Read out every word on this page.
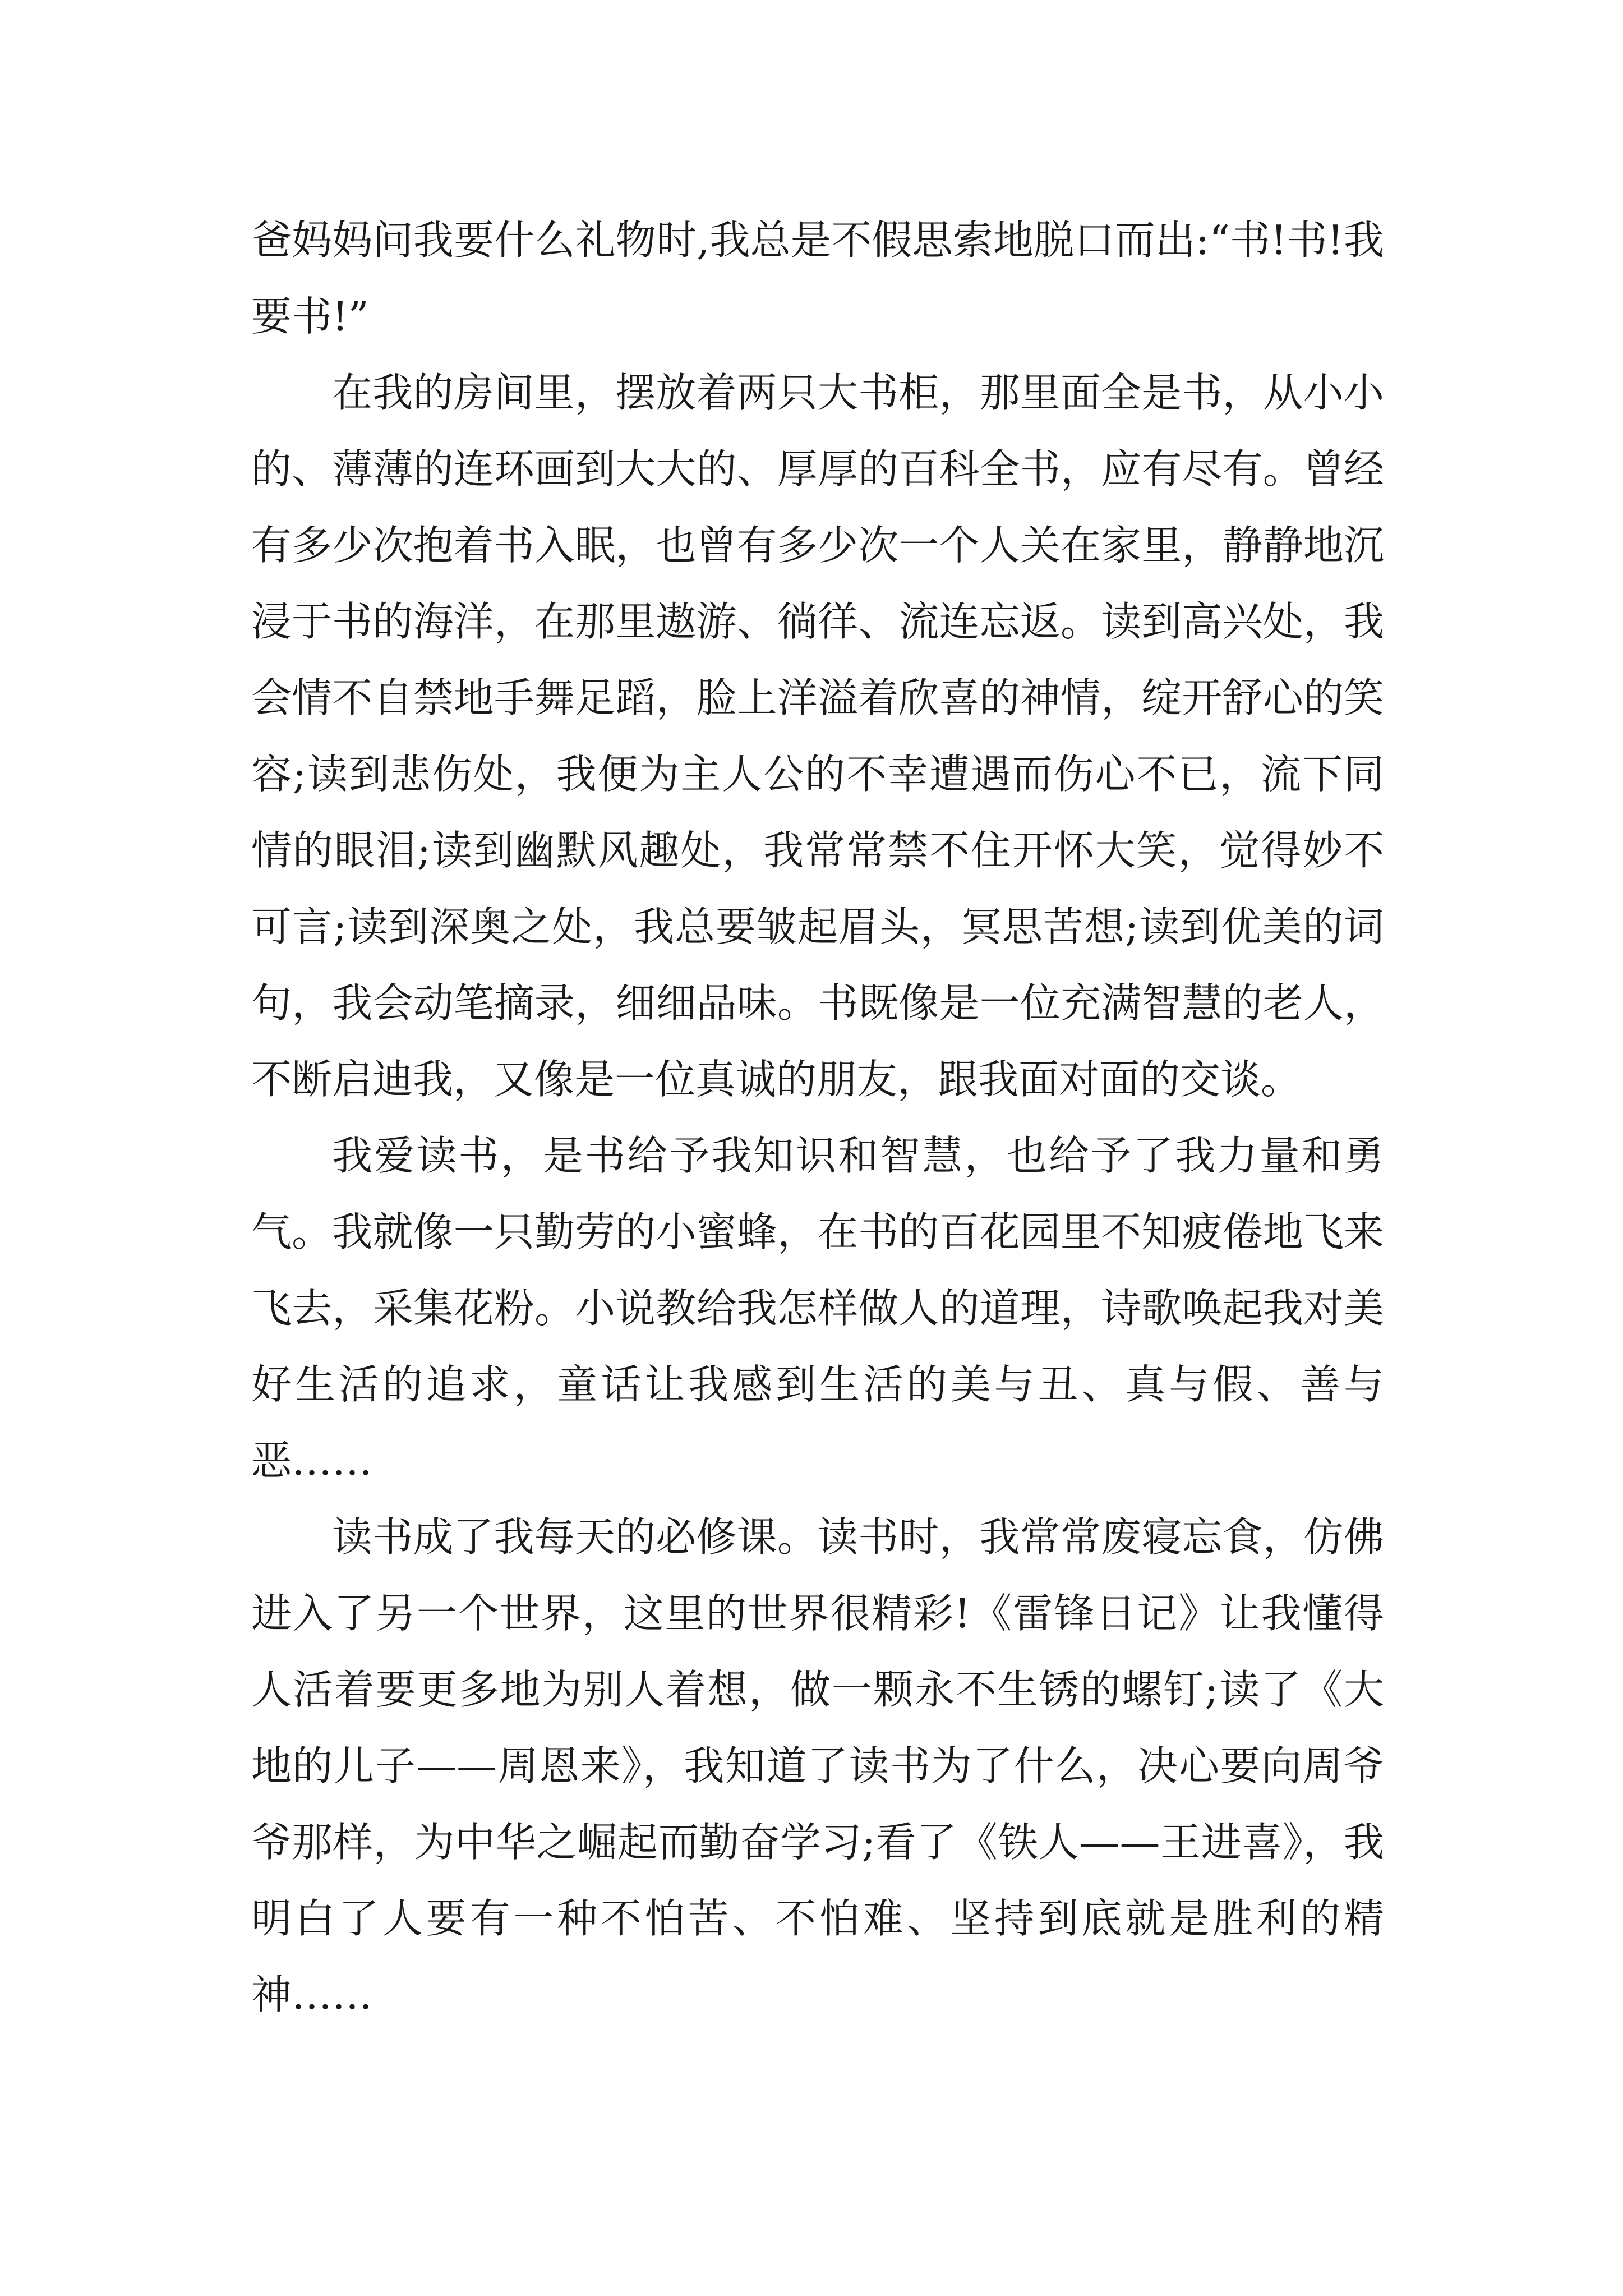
爸妈妈问我要什么礼物时,我总是不假思索地脱口而出:“书!书!我要书!”

在我的房间里，摆放着两只大书柜，那里面全是书，从小小的、薄薄的连环画到大大的、厚厚的百科全书，应有尽有。曾经有多少次抱着书入眠，也曾有多少次一个人关在家里，静静地沉浸于书的海洋，在那里遨游、徜徉、流连忘返。读到高兴处，我会情不自禁地手舞足蹈，脸上洋溢着欣喜的神情，绽开舒心的笑容;读到悲伤处，我便为主人公的不幸遭遇而伤心不已，流下同情的眼泪;读到幽默风趣处，我常常禁不住开怀大笑，觉得妙不可言;读到深奥之处，我总要皱起眉头，冥思苦想;读到优美的词句，我会动笔摘录，细细品味。书既像是一位充满智慧的老人，不断启迪我，又像是一位真诚的朋友，跟我面对面的交谈。

我爱读书，是书给予我知识和智慧，也给予了我力量和勇气。我就像一只勤劳的小蜜蜂，在书的百花园里不知疲倦地飞来飞去，采集花粉。小说教给我怎样做人的道理，诗歌唤起我对美好生活的追求，童话让我感到生活的美与丑、真与假、善与恶……

读书成了我每天的必修课。读书时，我常常废寝忘食，仿佛进入了另一个世界，这里的世界很精彩!《雷锋日记》让我懂得人活着要更多地为别人着想，做一颗永不生锈的螺钉;读了《大地的儿子——周恩来》，我知道了读书为了什么，决心要向周爷爷那样，为中华之崛起而勤奋学习;看了《铁人——王进喜》，我明白了人要有一种不怕苦、不怕难、坚持到底就是胜利的精神……
